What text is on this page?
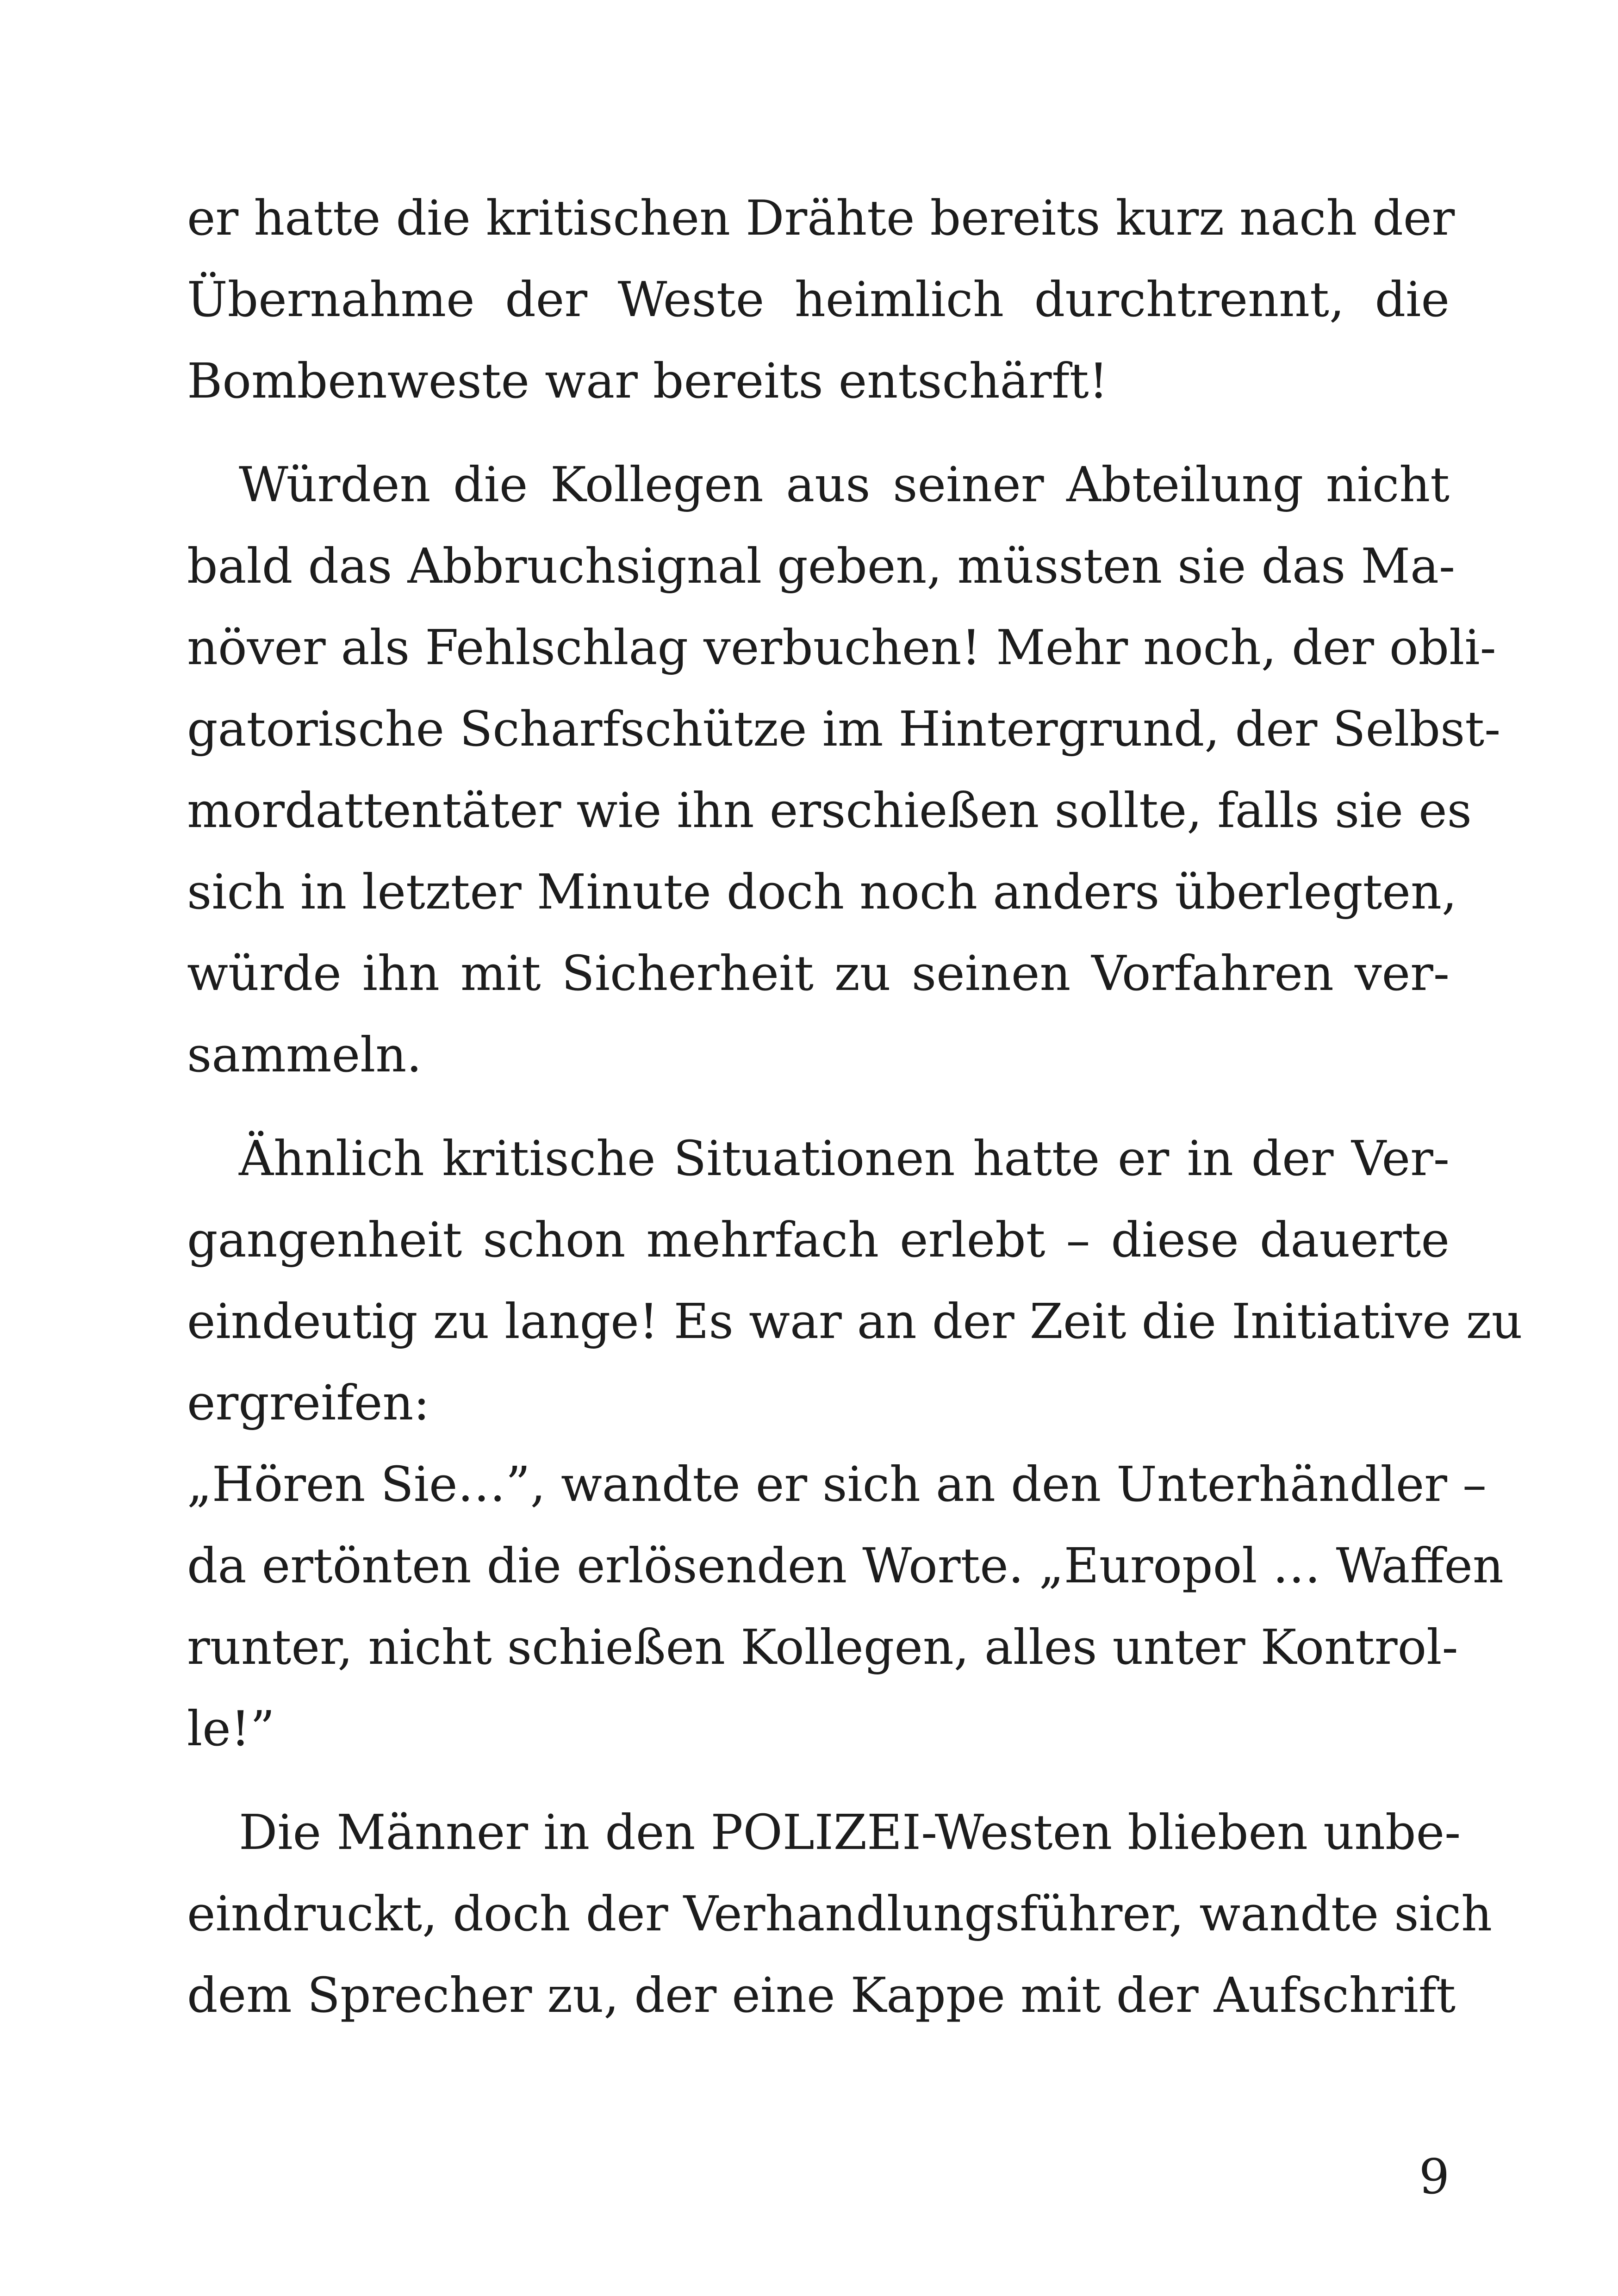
er hatte die kritischen Drähte bereits kurz nach der
Übernahme der Weste heimlich durchtrennt, die
Bombenweste war bereits entschärft!

Würden die Kollegen aus seiner Abteilung nicht
bald das Abbruchsignal geben, müssten sie das Ma-
növer als Fehlschlag verbuchen! Mehr noch, der obli-
gatorische Scharfschütze im Hintergrund, der Selbst-
mordattentäter wie ihn erschießen sollte, falls sie es
sich in letzter Minute doch noch anders überlegten,
würde ihn mit Sicherheit zu seinen Vorfahren ver-
sammeln.

Ähnlich kritische Situationen hatte er in der Ver-
gangenheit schon mehrfach erlebt – diese dauerte
eindeutig zu lange! Es war an der Zeit die Initiative zu
ergreifen:

„Hören Sie…”, wandte er sich an den Unterhändler –
da ertönten die erlösenden Worte. „Europol … Waffen
runter, nicht schießen Kollegen, alles unter Kontrol-
le!”

Die Männer in den POLIZEI-Westen blieben unbe-
eindruckt, doch der Verhandlungsführer, wandte sich
dem Sprecher zu, der eine Kappe mit der Aufschrift

9
